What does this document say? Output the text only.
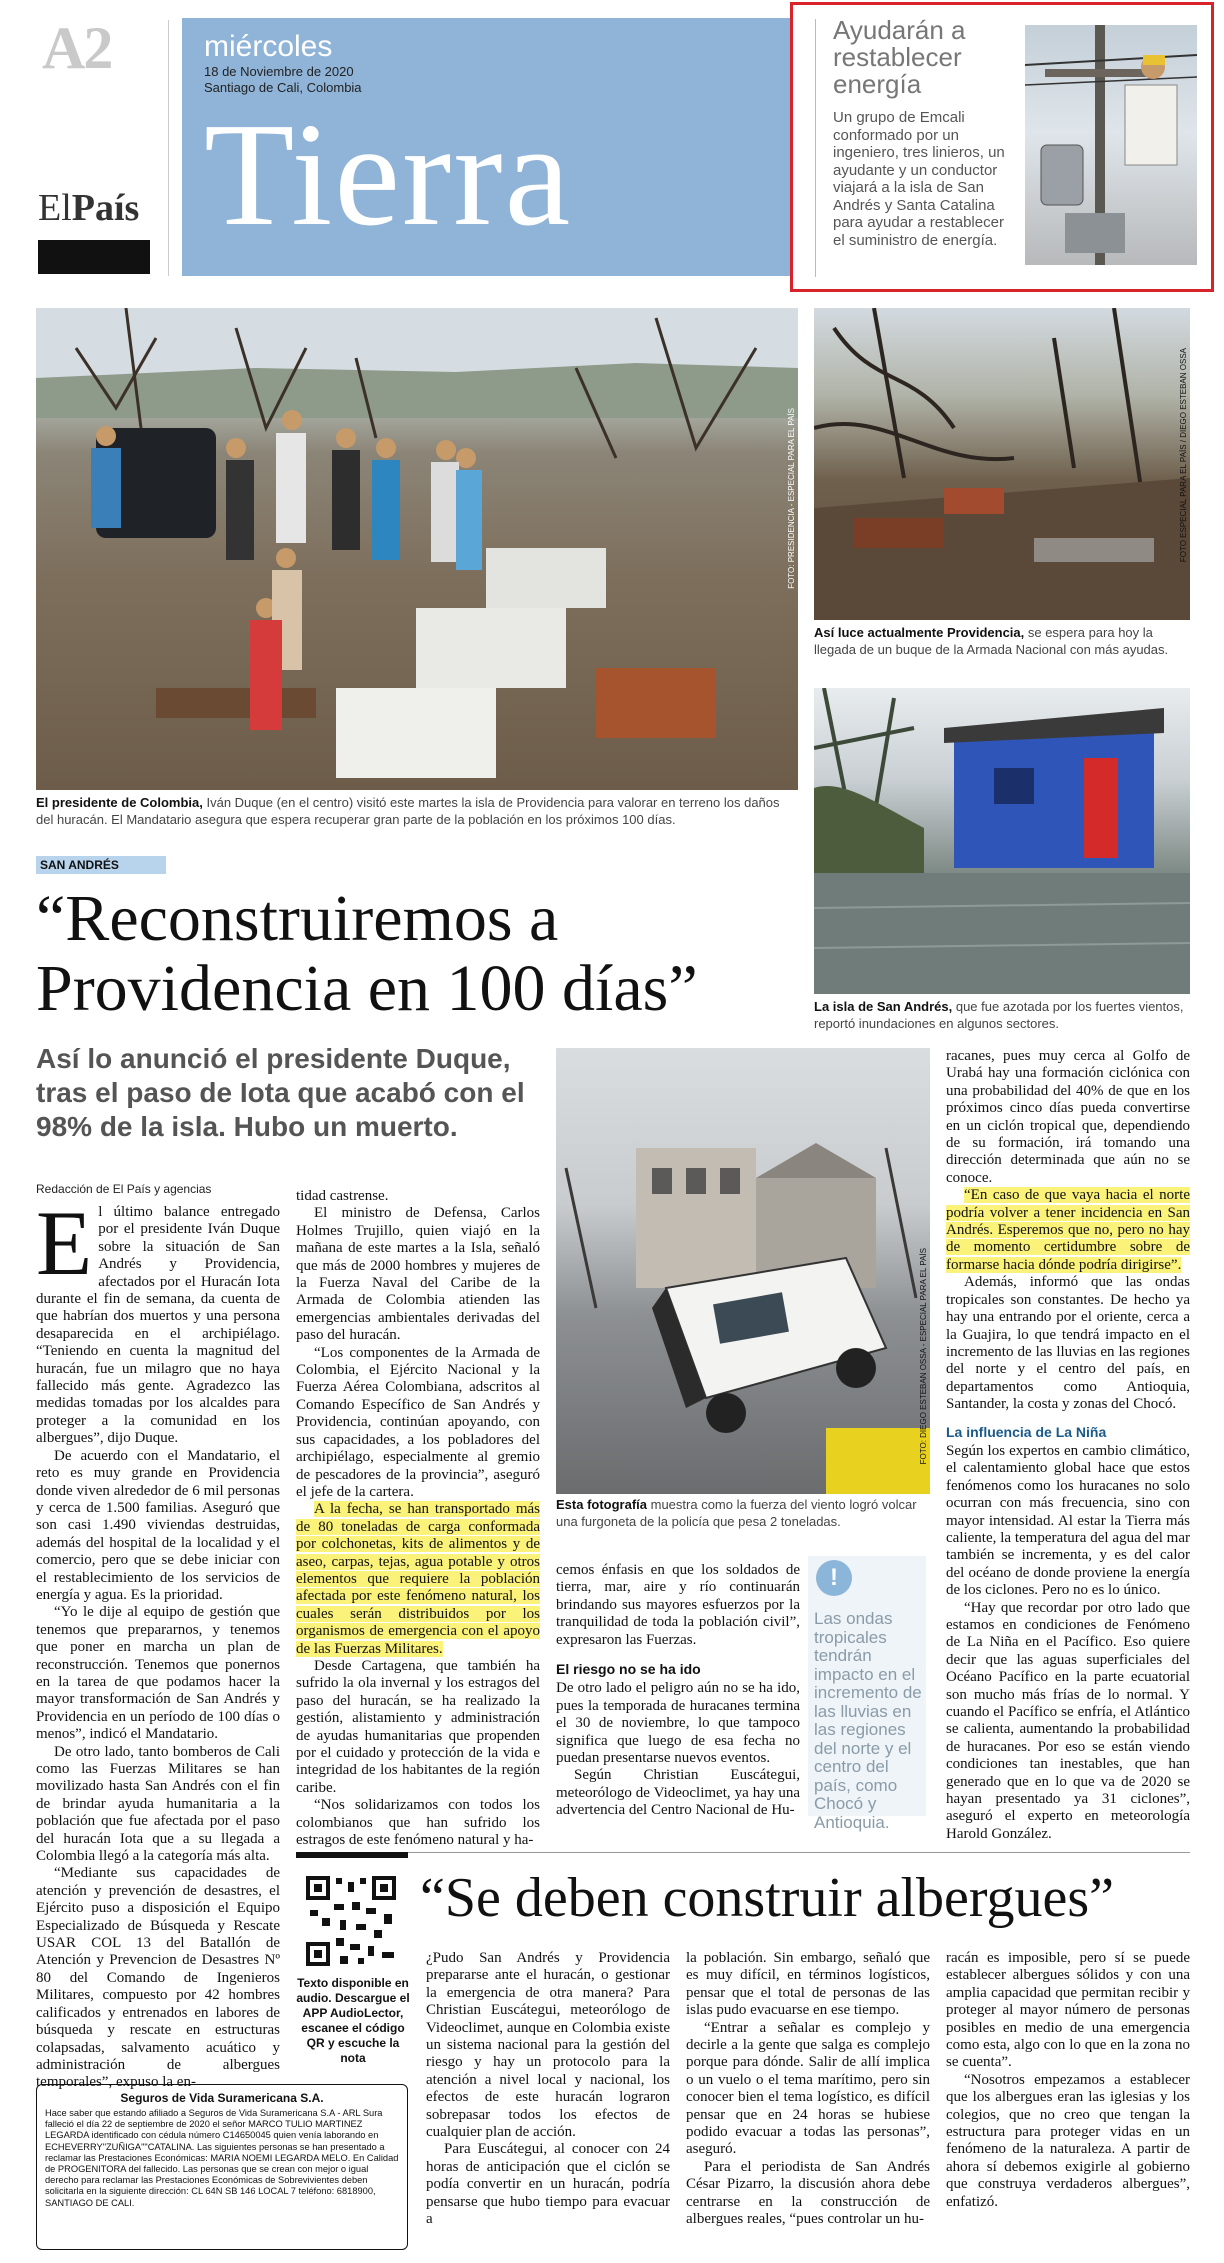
A2
ElPaís
miércoles
18 de Noviembre de 2020
Santiago de Cali, Colombia
Tierra
Ayudarán a restablecer energía
Un grupo de Emcali conformado por un ingeniero, tres linieros, un ayudante y un conductor viajará a la isla de San Andrés y Santa Catalina para ayudar a restablecer el suministro de energía.
FOTO: PRESIDENCIA - ESPECIAL PARA EL PAÍS
El presidente de Colombia, Iván Duque (en el centro) visitó este martes la isla de Providencia para valorar en terreno los daños del huracán. El Mandatario asegura que espera recuperar gran parte de la población en los próximos 100 días.
FOTO ESPECIAL PARA EL PAÍS / DIEGO ESTEBAN OSSA
Así luce actualmente Providencia, se espera para hoy la llegada de un buque de la Armada Nacional con más ayudas.
La isla de San Andrés, que fue azotada por los fuertes vientos, reportó inundaciones en algunos sectores.
SAN ANDRÉS
“Reconstruiremos a
Providencia en 100 días”
Así lo anunció el presidente Duque, tras el paso de Iota que acabó con el 98% de la isla. Hubo un muerto.
Redacción de El País y agencias
E l último balance entregado por el presidente Iván Duque sobre la situación de San Andrés y Providencia, afectados por el Huracán Iota durante el fin de semana, da cuenta de que habrían dos muertos y una persona desaparecida en el archipiélago. “Teniendo en cuenta la magnitud del huracán, fue un milagro que no haya fallecido más gente. Agradezco las medidas tomadas por los alcaldes para proteger a la comunidad en los albergues”, dijo Duque.

De acuerdo con el Mandatario, el reto es muy grande en Providencia donde viven alrededor de 6 mil personas y cerca de 1.500 familias. Aseguró que son casi 1.490 viviendas destruidas, además del hospital de la localidad y el comercio, pero que se debe iniciar con el restablecimiento de los servicios de energía y agua. Es la prioridad.

“Yo le dije al equipo de gestión que tenemos que prepararnos, y tenemos que poner en marcha un plan de reconstrucción. Tenemos que ponernos en la tarea de que podamos hacer la mayor transformación de San Andrés y Providencia en un período de 100 días o menos”, indicó el Mandatario.

De otro lado, tanto bomberos de Cali como las Fuerzas Militares se han movilizado hasta San Andrés con el fin de brindar ayuda humanitaria a la población que fue afectada por el paso del huracán Iota que a su llegada a Colombia llegó a la categoría más alta.

“Mediante sus capacidades de atención y prevención de desastres, el Ejército puso a disposición el Equipo Especializado de Búsqueda y Rescate USAR COL 13 del Batallón de Atención y Prevencion de Desastres Nº 80 del Comando de Ingenieros Militares, compuesto por 42 hombres calificados y entrenados en labores de búsqueda y rescate en estructuras colapsadas, salvamento acuático y administración de albergues temporales”, expuso la en-

tidad castrense.

El ministro de Defensa, Carlos Holmes Trujillo, quien viajó en la mañana de este martes a la Isla, señaló que más de 2000 hombres y mujeres de la Fuerza Naval del Caribe de la Armada de Colombia atienden las emergencias ambientales derivadas del paso del huracán.

“Los componentes de la Armada de Colombia, el Ejército Nacional y la Fuerza Aérea Colombiana, adscritos al Comando Específico de San Andrés y Providencia, continúan apoyando, con sus capacidades, a los pobladores del archipiélago, especialmente al gremio de pescadores de la provincia”, aseguró el jefe de la cartera.

A la fecha, se han transportado más de 80 toneladas de carga conformada por colchonetas, kits de alimentos y de aseo, carpas, tejas, agua potable y otros elementos que requiere la población afectada por este fenómeno natural, los cuales serán distribuidos por los organismos de emergencia con el apoyo de las Fuerzas Militares.

Desde Cartagena, que también ha sufrido la ola invernal y los estragos del paso del huracán, se ha realizado la gestión, alistamiento y administración de ayudas humanitarias que propenden por el cuidado y protección de la vida e integridad de los habitantes de la región caribe.

“Nos solidarizamos con todos los colombianos que han sufrido los estragos de este fenómeno natural y ha-

FOTO: DIEGO ESTEBAN OSSA - ESPECIAL PARA EL PAÍS
Esta fotografía muestra como la fuerza del viento logró volcar una furgoneta de la policía que pesa 2 toneladas.

cemos énfasis en que los soldados de tierra, mar, aire y río continuarán brindando sus mayores esfuerzos por la tranquilidad de toda la población civil”, expresaron las Fuerzas.

El riesgo no se ha ido

De otro lado el peligro aún no se ha ido, pues la temporada de huracanes termina el 30 de noviembre, lo que tampoco significa que luego de esa fecha no puedan presentarse nuevos eventos.

Según Christian Euscátegui, meteorólogo de Videoclimet, ya hay una advertencia del Centro Nacional de Hu-

!
Las ondas tropicales tendrán impacto en el incremento de las lluvias en las regiones del norte y el centro del país, como Chocó y Antioquia.

racanes, pues muy cerca al Golfo de Urabá hay una formación ciclónica con una probabilidad del 40% de que en los próximos cinco días pueda convertirse en un ciclón tropical que, dependiendo de su formación, irá tomando una dirección determinada que aún no se conoce.

“En caso de que vaya hacia el norte podría volver a tener incidencia en San Andrés. Esperemos que no, pero no hay de momento certidumbre sobre de formarse hacia dónde podría dirigirse”.

Además, informó que las ondas tropicales son constantes. De hecho ya hay una entrando por el oriente, cerca a la Guajira, lo que tendrá impacto en el incremento de las lluvias en las regiones del norte y el centro del país, en departamentos como Antioquia, Santander, la costa y zonas del Chocó.

La influencia de La Niña

Según los expertos en cambio climático, el calentamiento global hace que estos fenómenos como los huracanes no solo ocurran con más frecuencia, sino con mayor intensidad. Al estar la Tierra más caliente, la temperatura del agua del mar también se incrementa, y es del calor del océano de donde proviene la energía de los ciclones. Pero no es lo único.

“Hay que recordar por otro lado que estamos en condiciones de Fenómeno de La Niña en el Pacífico. Eso quiere decir que las aguas superficiales del Océano Pacífico en la parte ecuatorial son mucho más frías de lo normal. Y cuando el Pacífico se enfría, el Atlántico se calienta, aumentando la probabilidad de huracanes. Por eso se están viendo condiciones tan inestables, que han generado que en lo que va de 2020 se hayan presentado ya 31 ciclones”, aseguró el experto en meteorología Harold González.

Texto disponible en audio. Descargue el APP AudioLector, escanee el código QR y escuche la nota
“Se deben construir albergues”

¿Pudo San Andrés y Providencia prepararse ante el huracán, o gestionar la emergencia de otra manera? Para Christian Euscátegui, meteorólogo de Videoclimet, aunque en Colombia existe un sistema nacional para la gestión del riesgo y hay un protocolo para la atención a nivel local y nacional, los efectos de este huracán lograron sobrepasar todos los efectos de cualquier plan de acción.

Para Euscátegui, al conocer con 24 horas de anticipación que el ciclón se podía convertir en un huracán, podría pensarse que hubo tiempo para evacuar a

la población. Sin embargo, señaló que es muy difícil, en términos logísticos, pensar que el total de personas de las islas pudo evacuarse en ese tiempo.

“Entrar a señalar es complejo y decirle a la gente que salga es complejo porque para dónde. Salir de allí implica o un vuelo o el tema marítimo, pero sin conocer bien el tema logístico, es difícil pensar que en 24 horas se hubiese podido evacuar a todas las personas”, aseguró.

Para el periodista de San Andrés César Pizarro, la discusión ahora debe centrarse en la construcción de albergues reales, “pues controlar un hu-

racán es imposible, pero sí se puede establecer albergues sólidos y con una amplia capacidad que permitan recibir y proteger al mayor número de personas posibles en medio de una emergencia como esta, algo con lo que en la zona no se cuenta”.

“Nosotros empezamos a establecer que los albergues eran las iglesias y los colegios, que no creo que tengan la estructura para proteger vidas en un fenómeno de la naturaleza. A partir de ahora sí debemos exigirle al gobierno que construya verdaderos albergues”, enfatizó.

Seguros de Vida Suramericana S.A.
Hace saber que estando afiliado a Seguros de Vida Suramericana S.A - ARL Sura falleció el día 22 de septiembre de 2020 el señor MARCO TULIO MARTINEZ LEGARDA identificado con cédula número C14650045 quien venía laborando en ECHEVERRY"ZUÑIGA""CATALINA. Las siguientes personas se han presentado a reclamar las Prestaciones Económicas: MARIA NOEMI LEGARDA MELO. En Calidad de PROGENITORA del fallecido. Las personas que se crean con mejor o igual derecho para reclamar las Prestaciones Económicas de Sobrevivientes deben solicitarla en la siguiente dirección: CL 64N SB 146 LOCAL 7 teléfono: 6818900, SANTIAGO DE CALI.
